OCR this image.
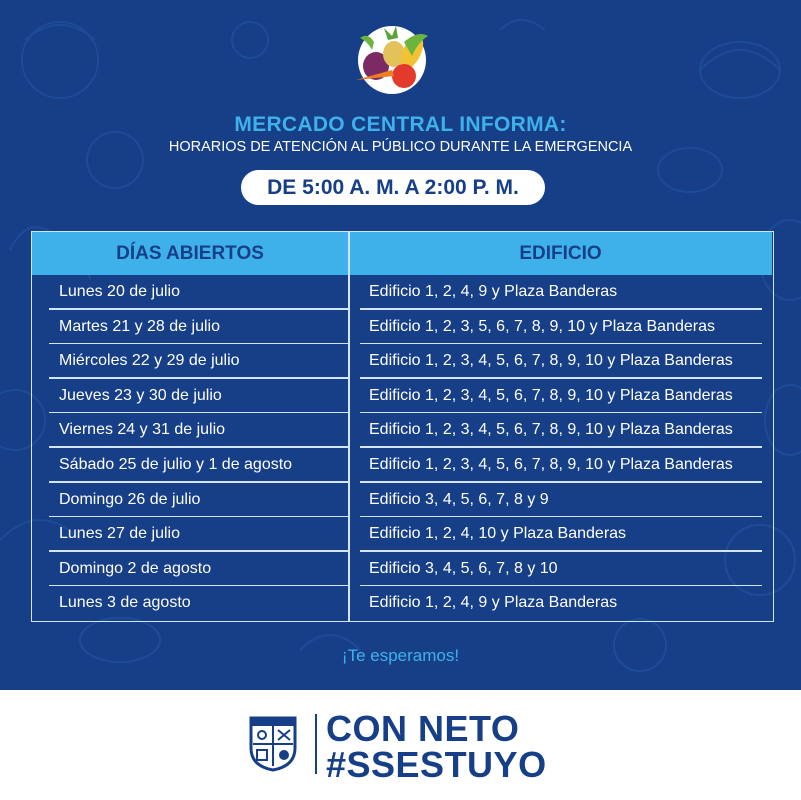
MERCADO CENTRAL INFORMA:
HORARIOS DE ATENCIÓN AL PÚBLICO DURANTE LA EMERGENCIA
DE 5:00 A. M. A 2:00 P. M.
DÍAS ABIERTOS	EDIFICIO
Lunes 20 de julio	Edificio 1, 2, 4, 9 y Plaza Banderas
Martes 21 y 28 de julio	Edificio 1, 2, 3, 5, 6, 7, 8, 9, 10 y Plaza Banderas
Miércoles 22 y 29 de julio	Edificio 1, 2, 3, 4, 5, 6, 7, 8, 9, 10 y Plaza Banderas
Jueves 23 y 30 de julio	Edificio 1, 2, 3, 4, 5, 6, 7, 8, 9, 10 y Plaza Banderas
Viernes 24 y 31 de julio	Edificio 1, 2, 3, 4, 5, 6, 7, 8, 9, 10 y Plaza Banderas
Sábado 25 de julio y 1 de agosto	Edificio 1, 2, 3, 4, 5, 6, 7, 8, 9, 10 y Plaza Banderas
Domingo 26 de julio	Edificio 3, 4, 5, 6, 7, 8 y 9
Lunes 27 de julio	Edificio 1, 2, 4, 10 y Plaza Banderas
Domingo 2 de agosto	Edificio 3, 4, 5, 6, 7, 8 y 10
Lunes 3 de agosto	Edificio 1, 2, 4, 9 y Plaza Banderas
¡Te esperamos!
CON NETO
#SSESTUYO
